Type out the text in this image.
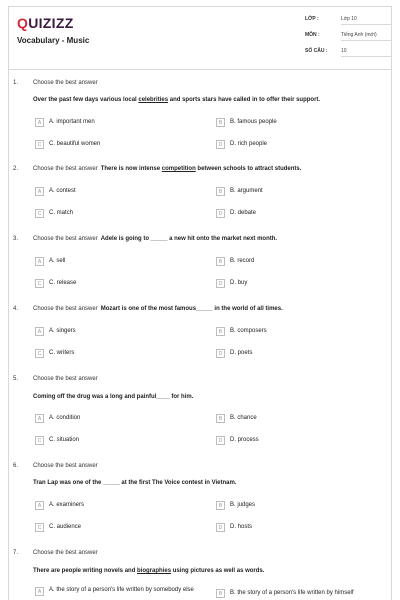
QUIZIZZ
Vocabulary - Music
LỚP :	Lớp 10
MÔN :	Tiếng Anh (mới)
SỐ CÂU :	10
1. Choose the best answer
Over the past few days various local celebrities and sports stars have called in to offer their support.
A	A. important men	B	B. famous people
C	C. beautiful women	D	D. rich people
2. Choose the best answer
A	A. contest	B	B. argument
C	C. match	D	D. debate
3. Choose the best answer
A	A. sell	B	B. record
C	C. release	D	D. buy
4. Choose the best answer
A	A. singers	B	B. composers
C	C. writers	D	D. poets
5. Choose the best answer
Coming off the drug was a long and painful____ for him.
A	A. condition	B	B. chance
C	C. situation	D	D. process
6. Choose the best answer
Tran Lap was one of the _____ at the first The Voice contest in Vietnam.
A	A. examiners	B	B. judges
C	C. audience	D	D. hosts
7. Choose the best answer
There are people writing novels and biographies using pictures as well as words.
A	A. the story of a person's life written by somebody else
B	B. the story of a person's life written by himself
There is now intense competition between schools to attract students.
Adele is going to _____ a new hit onto the market next month.
Mozart is one of the most famous_____ in the world of all times.
